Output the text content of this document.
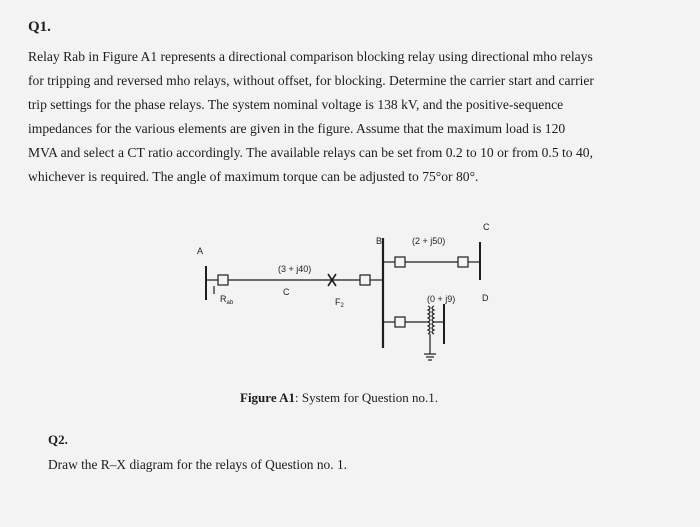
Q1.
Relay Rab in Figure A1 represents a directional comparison blocking relay using directional mho relays
for tripping and reversed mho relays, without offset, for blocking. Determine the carrier start and carrier
trip settings for the phase relays. The system nominal voltage is 138 kV, and the positive-sequence
impedances for the various elements are given in the figure. Assume that the maximum load is 120
MVA and select a CT ratio accordingly. The available relays can be set from 0.2 to 10 or from 0.5 to 40,
whichever is required. The angle of maximum torque can be adjusted to 75°or 80°.
A
B
C
D
(3 + j40)
C
$F_2$
$R_{ab}$
(2 + j50)
(0 + j9)
Figure A1: System for Question no.1.
Q2.
Draw the R–X diagram for the relays of Question no. 1.
